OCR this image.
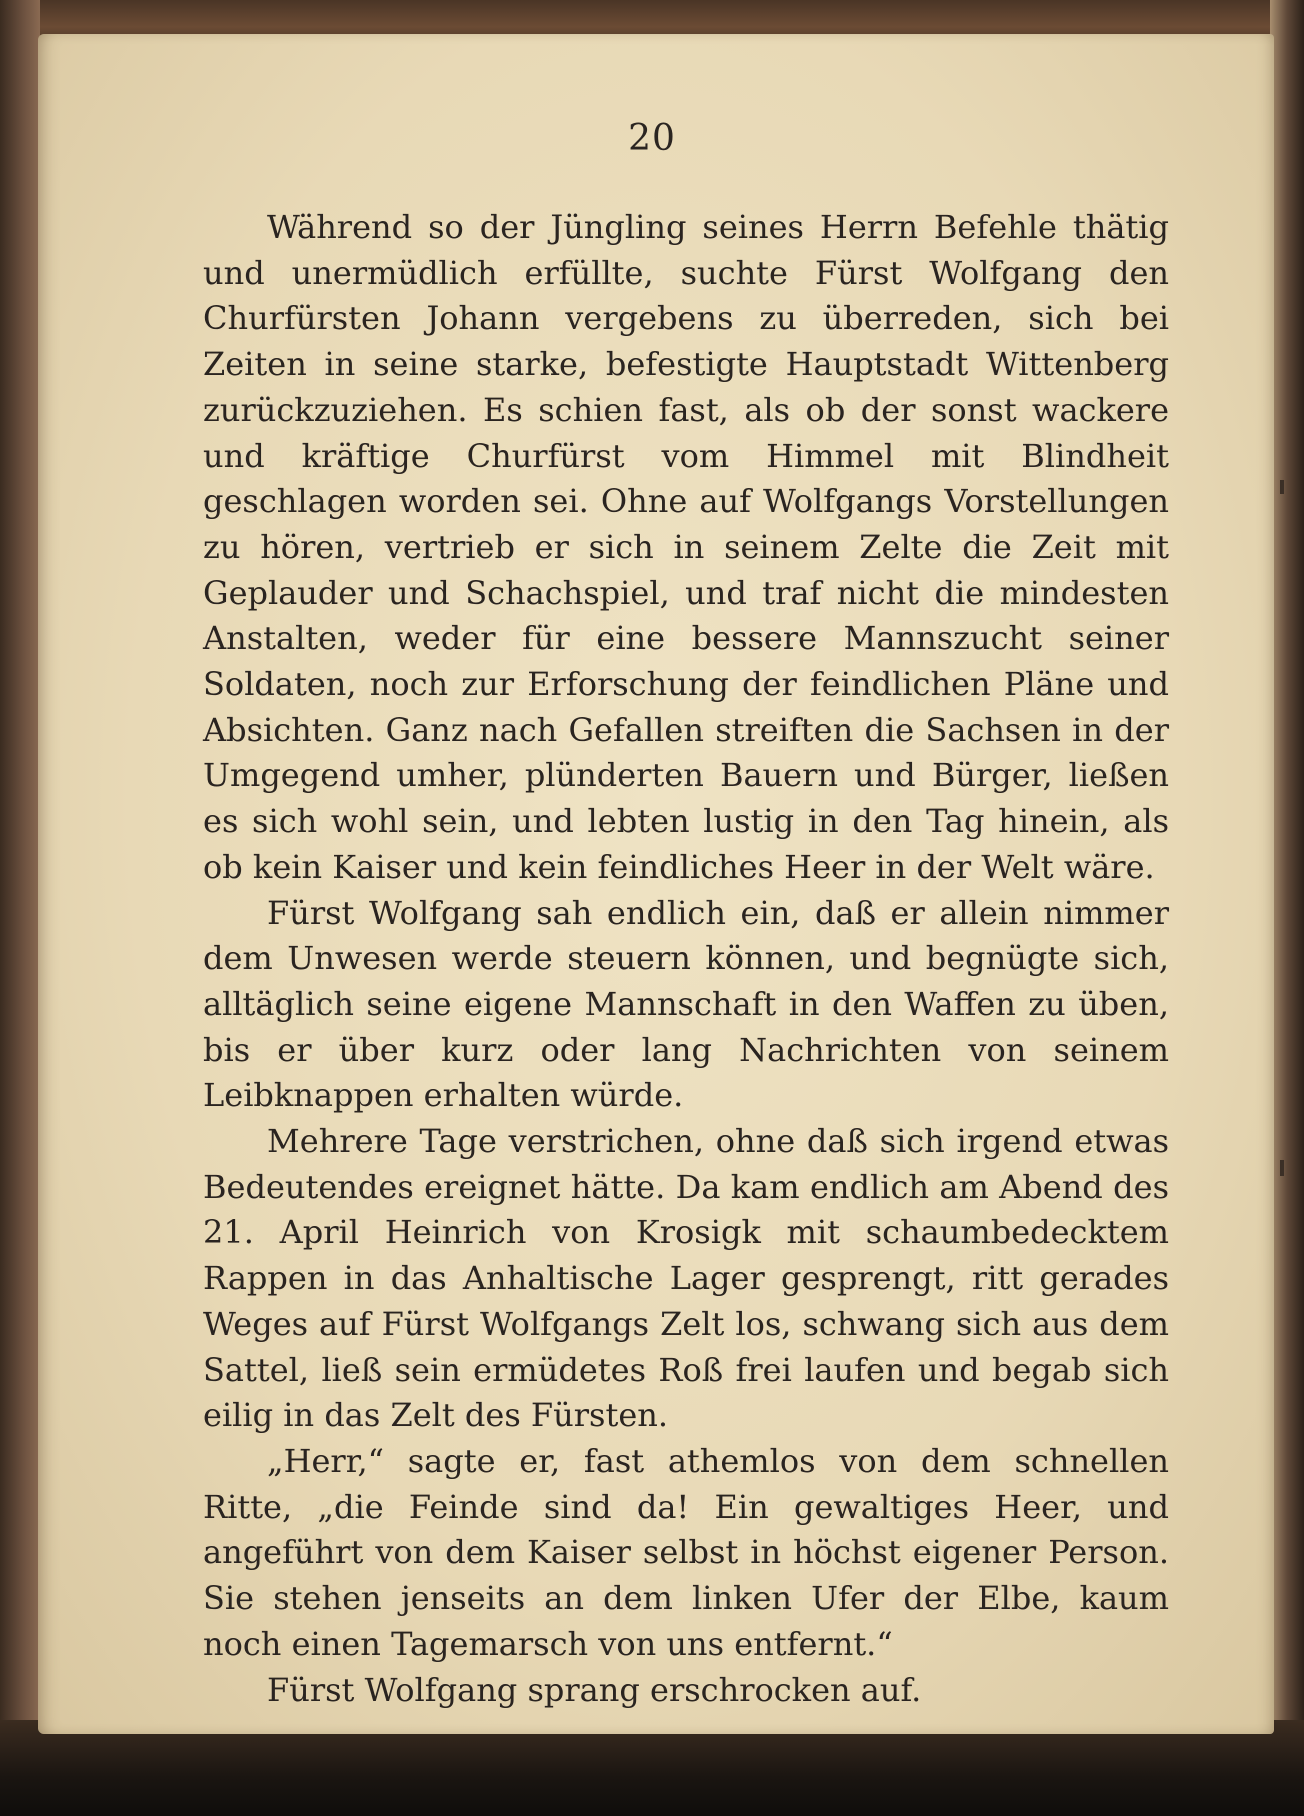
20

Während so der Jüngling seines Herrn Befehle thätig und unermüdlich erfüllte, suchte Fürst Wolfgang den Churfürsten Johann vergebens zu überreden, sich bei Zeiten in seine starke, befestigte Hauptstadt Wittenberg zurückzuziehen. Es schien fast, als ob der sonst wackere und kräftige Churfürst vom Himmel mit Blindheit geschlagen worden sei. Ohne auf Wolfgangs Vorstellungen zu hören, vertrieb er sich in seinem Zelte die Zeit mit Geplauder und Schachspiel, und traf nicht die mindesten Anstalten, weder für eine bessere Mannszucht seiner Soldaten, noch zur Erforschung der feindlichen Pläne und Absichten. Ganz nach Gefallen streiften die Sachsen in der Umgegend umher, plünderten Bauern und Bürger, ließen es sich wohl sein, und lebten lustig in den Tag hinein, als ob kein Kaiser und kein feindliches Heer in der Welt wäre.

Fürst Wolfgang sah endlich ein, daß er allein nimmer dem Unwesen werde steuern können, und begnügte sich, alltäglich seine eigene Mannschaft in den Waffen zu üben, bis er über kurz oder lang Nachrichten von seinem Leibknappen erhalten würde.

Mehrere Tage verstrichen, ohne daß sich irgend etwas Bedeutendes ereignet hätte. Da kam endlich am Abend des 21. April Heinrich von Krosigk mit schaumbedecktem Rappen in das Anhaltische Lager gesprengt, ritt gerades Weges auf Fürst Wolfgangs Zelt los, schwang sich aus dem Sattel, ließ sein ermüdetes Roß frei laufen und begab sich eilig in das Zelt des Fürsten.

„Herr,“ sagte er, fast athemlos von dem schnellen Ritte, „die Feinde sind da! Ein gewaltiges Heer, und angeführt von dem Kaiser selbst in höchst eigener Person. Sie stehen jenseits an dem linken Ufer der Elbe, kaum noch einen Tagemarsch von uns entfernt.“

Fürst Wolfgang sprang erschrocken auf.
